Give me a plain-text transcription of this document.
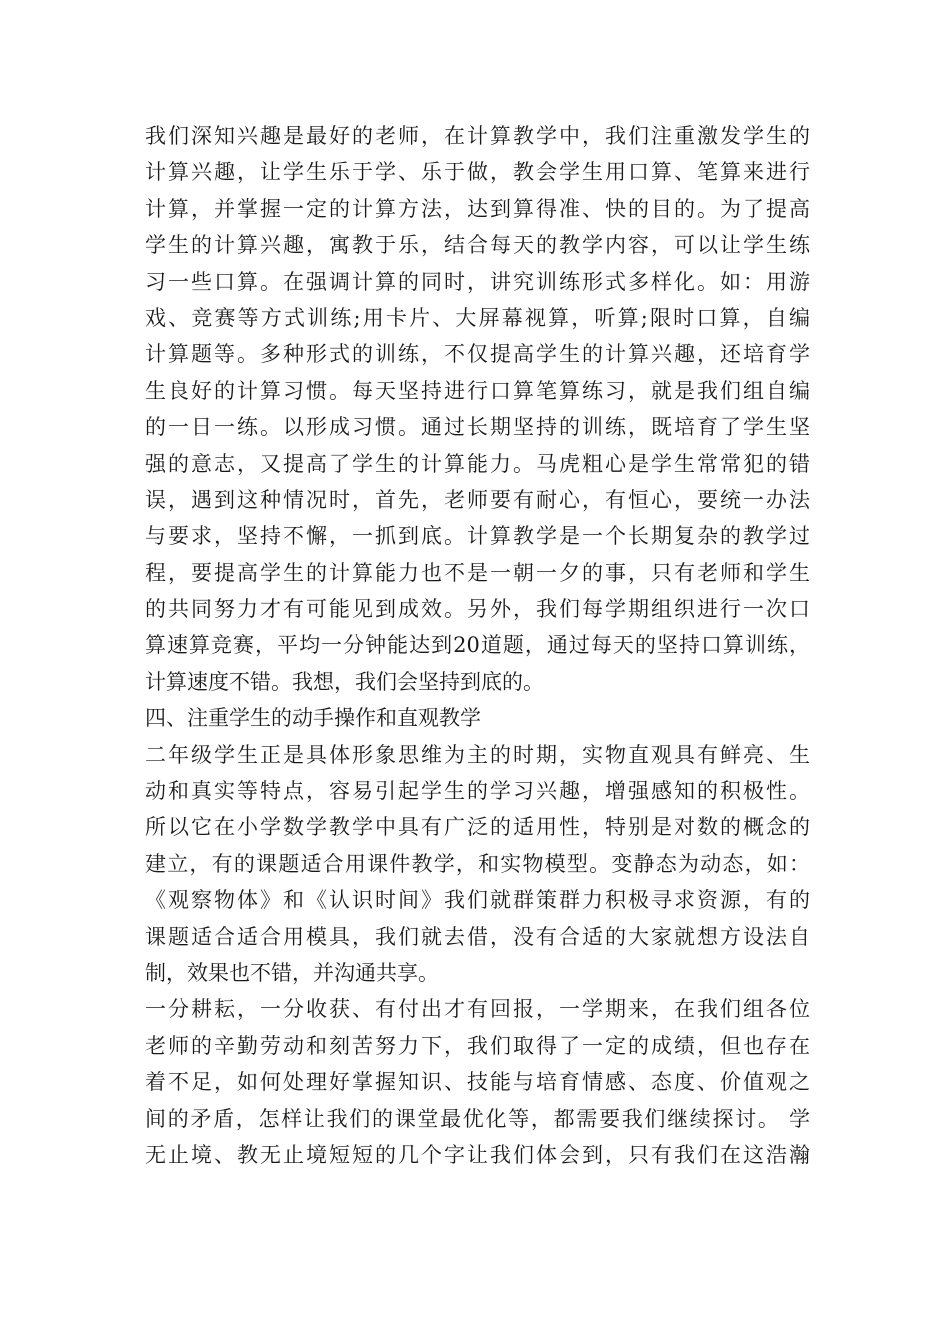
我们深知兴趣是最好的老师，在计算教学中，我们注重激发学生的
计算兴趣，让学生乐于学、乐于做，教会学生用口算、笔算来进行
计算，并掌握一定的计算方法，达到算得准、快的目的。为了提高
学生的计算兴趣，寓教于乐，结合每天的教学内容，可以让学生练
习一些口算。在强调计算的同时，讲究训练形式多样化。如：用游
戏、竞赛等方式训练;用卡片、大屏幕视算，听算;限时口算，自编
计算题等。多种形式的训练，不仅提高学生的计算兴趣，还培育学
生良好的计算习惯。每天坚持进行口算笔算练习，就是我们组自编
的一日一练。以形成习惯。通过长期坚持的训练，既培育了学生坚
强的意志，又提高了学生的计算能力。马虎粗心是学生常常犯的错
误，遇到这种情况时，首先，老师要有耐心，有恒心，要统一办法
与要求，坚持不懈，一抓到底。计算教学是一个长期复杂的教学过
程，要提高学生的计算能力也不是一朝一夕的事，只有老师和学生
的共同努力才有可能见到成效。另外，我们每学期组织进行一次口
算速算竞赛，平均一分钟能达到20道题，通过每天的坚持口算训练，
计算速度不错。我想，我们会坚持到底的。
四、注重学生的动手操作和直观教学
二年级学生正是具体形象思维为主的时期，实物直观具有鲜亮、生
动和真实等特点，容易引起学生的学习兴趣，增强感知的积极性。
所以它在小学数学教学中具有广泛的适用性，特别是对数的概念的
建立，有的课题适合用课件教学，和实物模型。变静态为动态，如：
《观察物体》和《认识时间》我们就群策群力积极寻求资源，有的
课题适合适合用模具，我们就去借，没有合适的大家就想方设法自
制，效果也不错，并沟通共享。
一分耕耘，一分收获、有付出才有回报，一学期来，在我们组各位
老师的辛勤劳动和刻苦努力下，我们取得了一定的成绩，但也存在
着不足，如何处理好掌握知识、技能与培育情感、态度、价值观之
间的矛盾，怎样让我们的课堂最优化等，都需要我们继续探讨。 学
无止境、教无止境短短的几个字让我们体会到，只有我们在这浩瀚
